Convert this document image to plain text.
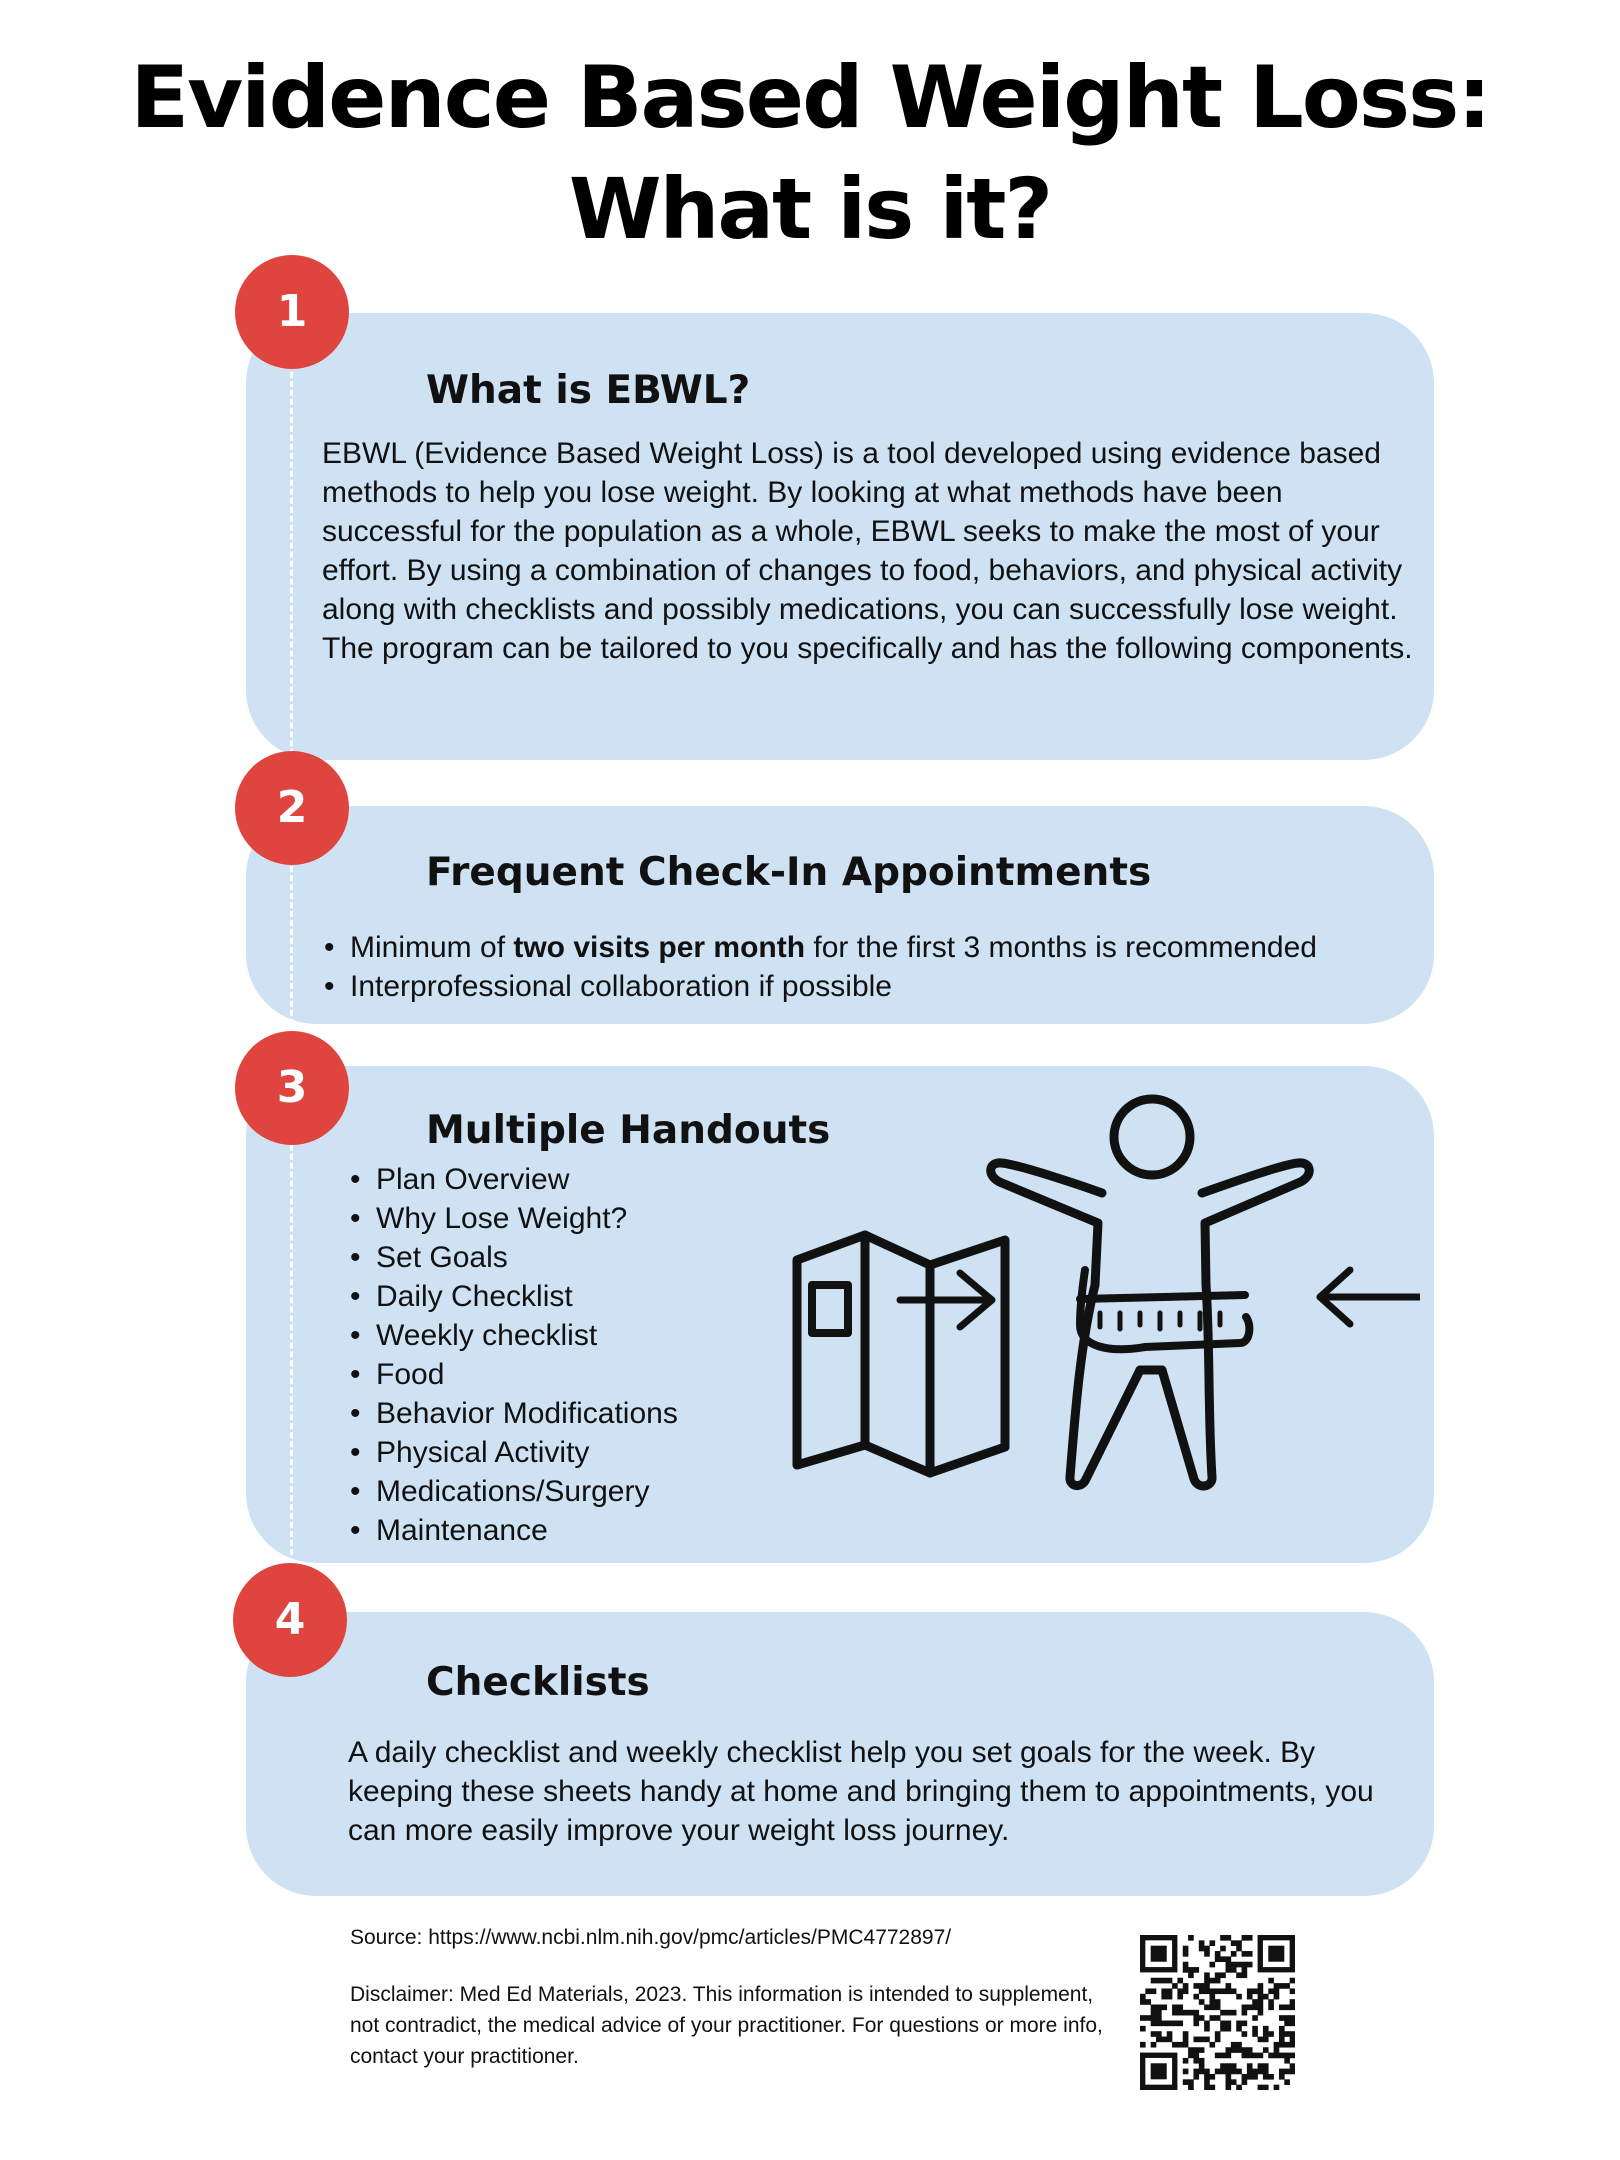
Evidence Based Weight Loss:
What is it?
1
2
3
4
What is EBWL?

EBWL (Evidence Based Weight Loss) is a tool developed using evidence based methods to help you lose weight. By looking at what methods have been successful for the population as a whole, EBWL seeks to make the most of your effort. By using a combination of changes to food, behaviors, and physical activity along with checklists and possibly medications, you can successfully lose weight. The program can be tailored to you specifically and has the following components.

Frequent Check-In Appointments
• Minimum of two visits per month for the first 3 months is recommended
• Interprofessional collaboration if possible
Multiple Handouts
• Plan Overview
• Why Lose Weight?
• Set Goals
• Daily Checklist
• Weekly checklist
• Food
• Behavior Modifications
• Physical Activity
• Medications/Surgery
• Maintenance
Checklists

A daily checklist and weekly checklist help you set goals for the week. By keeping these sheets handy at home and bringing them to appointments, you can more easily improve your weight loss journey.

Source: https://www.ncbi.nlm.nih.gov/pmc/articles/PMC4772897/

Disclaimer: Med Ed Materials, 2023. This information is intended to supplement, not contradict, the medical advice of your practitioner. For questions or more info, contact your practitioner.
